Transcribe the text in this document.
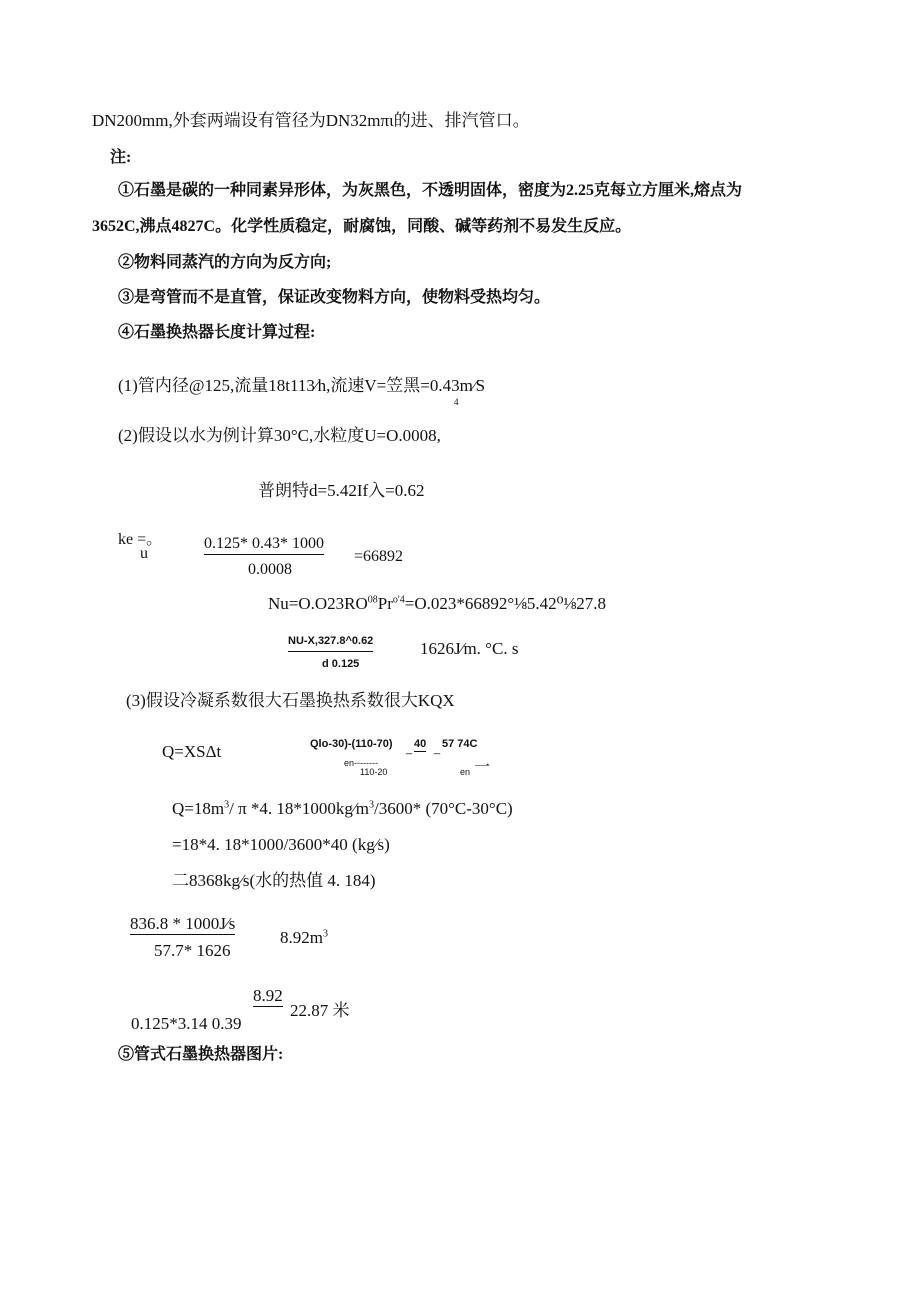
DN200mm,外套两端设有管径为DN32mπι的进、排汽管口。
注:
①石墨是碳的一种同素异形体，为灰黑色，不透明固体，密度为2.25克每立方厘米,熔点为
3652C,沸点4827C。化学性质稳定，耐腐蚀，同酸、碱等药剂不易发生反应。
②物料同蒸汽的方向为反方向;
③是弯管而不是直管，保证改变物料方向，使物料受热均匀。
④石墨换热器长度计算过程:
(1)管内径@125,流量18t113∕h,流速V=笠黑=0.43m∕S
4
(2)假设以水为例计算30°C,水粒度U=O.0008,
普朗特d=5.42If入=0.62
ke =。
u
0.125* 0.43* 1000
0.0008
=66892
$Nu=O.O23RO^{08}Pr^{o'4}=O.023*66892^\circ\frac{1}{8}5.42^0\frac{1}{8}27.8$
NU-X,327.8^0.62
d 0.125
1626J∕m. °C. s
(3)假设冷凝系数很大石墨换热系数很大KQX
Q=XSΔt	Qlo-30)-(110-70) _ 40 _ 57 74C
en--------
110-20	en 一
$Q=18m^3/$ π *4. $18*1000kg∕m^3/3600*$ (70°C-30°C)
=18*4. 18*1000/3600*40 (kg∕s)
二8368kg∕s(水的热值 4. 184)
836.8 * 1000J∕s
57.7* 1626
$8.92m^3$
8.92
0.125*3.14 0.39
22.87 米
⑤管式石墨换热器图片:
